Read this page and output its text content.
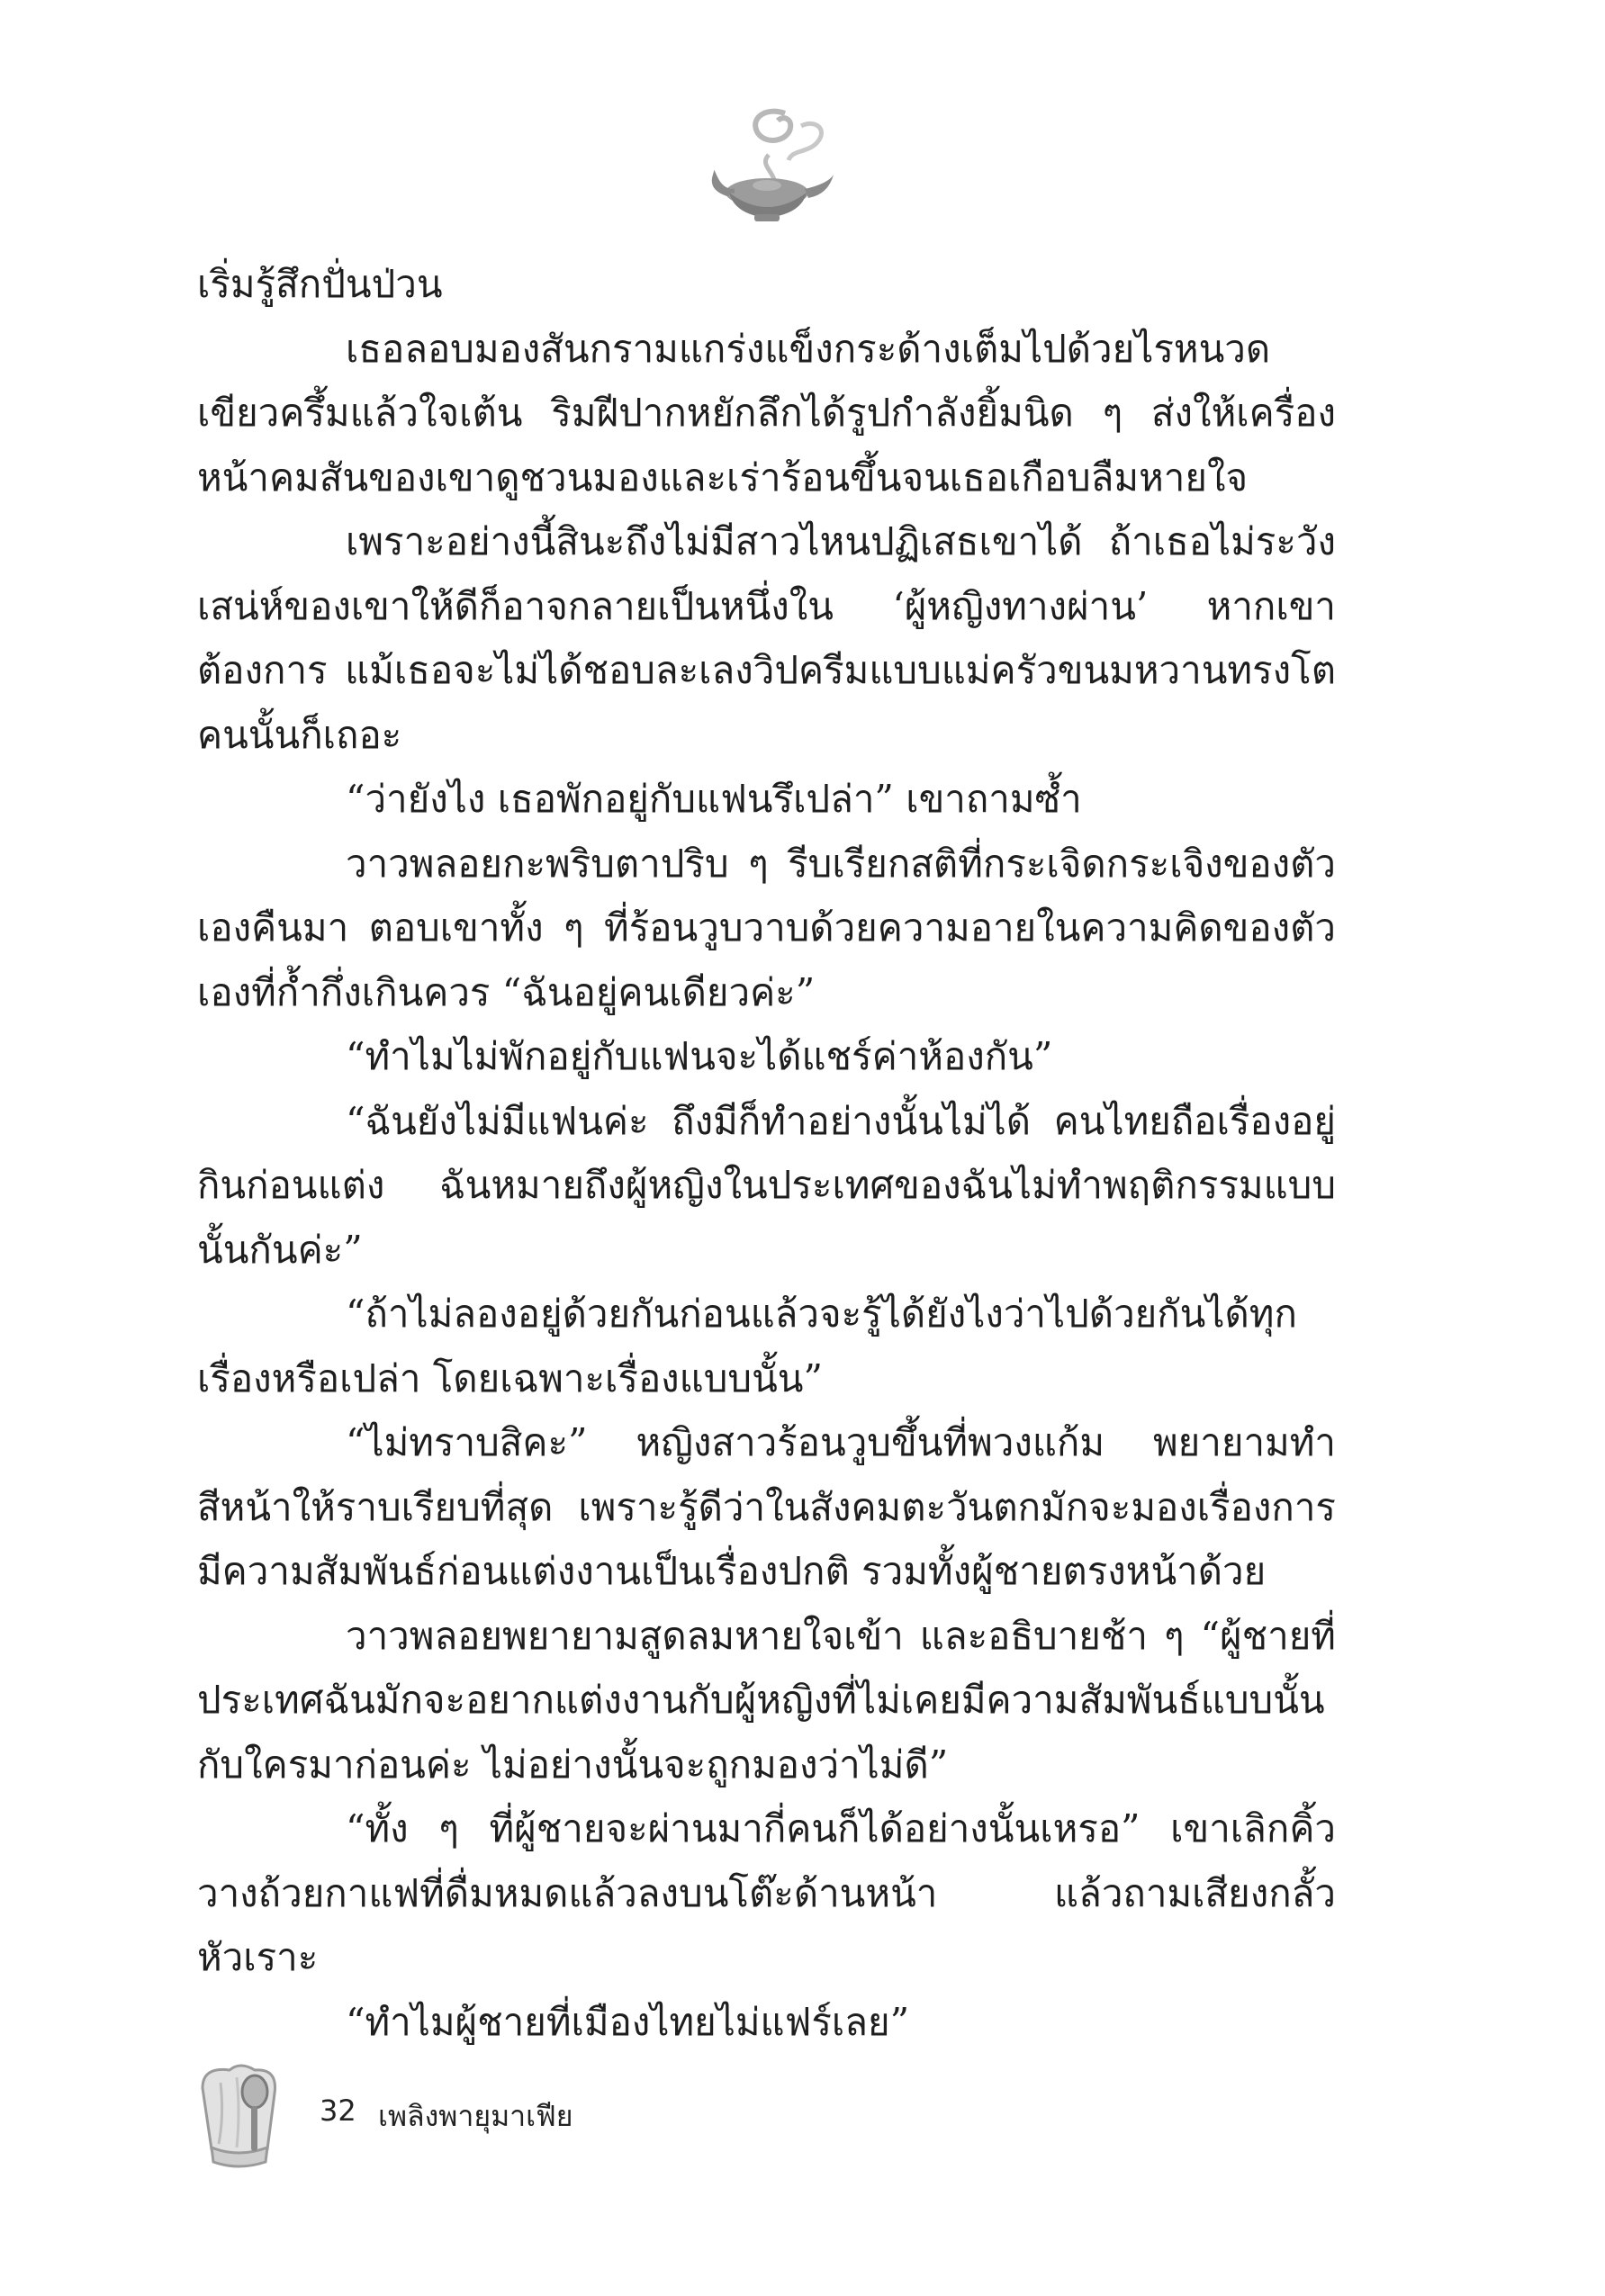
เริ่มรู้สึกปั่นป่วน

เธอลอบมองสันกรามแกร่งแข็งกระด้างเต็มไปด้วยไรหนวดเขียวครึ้มแล้วใจเต้น ริมฝีปากหยักลึกได้รูปกำลังยิ้มนิด ๆ ส่งให้เครื่องหน้าคมสันของเขาดูชวนมองและเร่าร้อนขึ้นจนเธอเกือบลืมหายใจ

เพราะอย่างนี้สินะถึงไม่มีสาวไหนปฏิเสธเขาได้ ถ้าเธอไม่ระวังเสน่ห์ของเขาให้ดีก็อาจกลายเป็นหนึ่งใน ‘ผู้หญิงทางผ่าน’ หากเขาต้องการ แม้เธอจะไม่ได้ชอบละเลงวิปครีมแบบแม่ครัวขนมหวานทรงโตคนนั้นก็เถอะ

“ว่ายังไง เธอพักอยู่กับแฟนรึเปล่า” เขาถามซ้ำ

วาวพลอยกะพริบตาปริบ ๆ รีบเรียกสติที่กระเจิดกระเจิงของตัวเองคืนมา ตอบเขาทั้ง ๆ ที่ร้อนวูบวาบด้วยความอายในความคิดของตัวเองที่ก้ำกึ่งเกินควร “ฉันอยู่คนเดียวค่ะ”

“ทำไมไม่พักอยู่กับแฟนจะได้แชร์ค่าห้องกัน”

“ฉันยังไม่มีแฟนค่ะ ถึงมีก็ทำอย่างนั้นไม่ได้ คนไทยถือเรื่องอยู่กินก่อนแต่ง ฉันหมายถึงผู้หญิงในประเทศของฉันไม่ทำพฤติกรรมแบบนั้นกันค่ะ”

“ถ้าไม่ลองอยู่ด้วยกันก่อนแล้วจะรู้ได้ยังไงว่าไปด้วยกันได้ทุกเรื่องหรือเปล่า โดยเฉพาะเรื่องแบบนั้น”

“ไม่ทราบสิคะ” หญิงสาวร้อนวูบขึ้นที่พวงแก้ม พยายามทำสีหน้าให้ราบเรียบที่สุด เพราะรู้ดีว่าในสังคมตะวันตกมักจะมองเรื่องการมีความสัมพันธ์ก่อนแต่งงานเป็นเรื่องปกติ รวมทั้งผู้ชายตรงหน้าด้วย

วาวพลอยพยายามสูดลมหายใจเข้า และอธิบายช้า ๆ “ผู้ชายที่ประเทศฉันมักจะอยากแต่งงานกับผู้หญิงที่ไม่เคยมีความสัมพันธ์แบบนั้นกับใครมาก่อนค่ะ ไม่อย่างนั้นจะถูกมองว่าไม่ดี”

“ทั้ง ๆ ที่ผู้ชายจะผ่านมากี่คนก็ได้อย่างนั้นเหรอ” เขาเลิกคิ้ววางถ้วยกาแฟที่ดื่มหมดแล้วลงบนโต๊ะด้านหน้า แล้วถามเสียงกลั้วหัวเราะ

“ทำไมผู้ชายที่เมืองไทยไม่แฟร์เลย”

32 เพลิงพายุมาเฟีย
